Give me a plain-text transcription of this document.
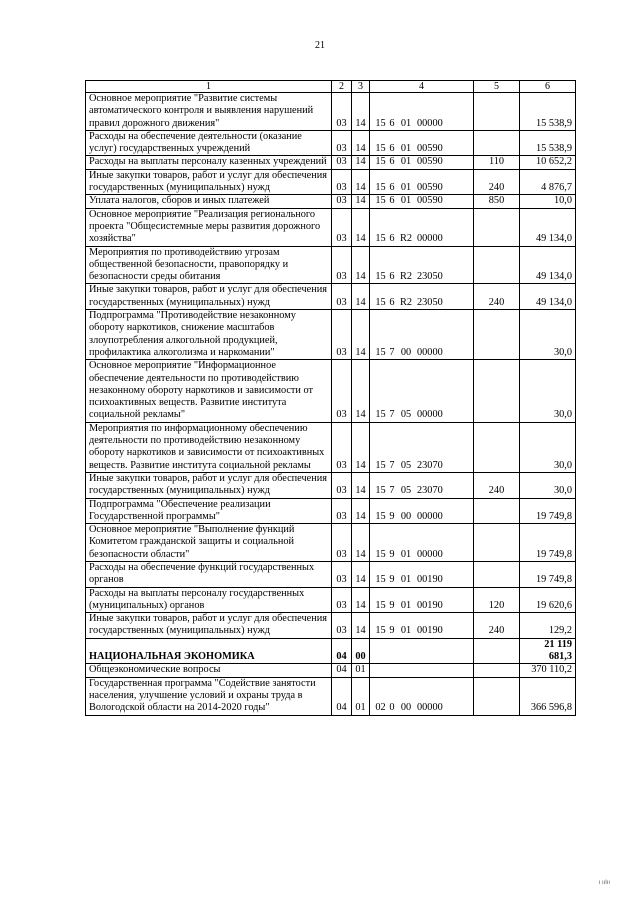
21
1	2	3	4	5	6
Основное мероприятие "Развитие системы автоматического контроля и выявления нарушений правил дорожного движения"	03	14	15 6 01 00000		15 538,9
Расходы на обеспечение деятельности (оказание услуг) государственных учреждений	03	14	15 6 01 00590		15 538,9
Расходы на выплаты персоналу казенных учреждений	03	14	15 6 01 00590	110	10 652,2
Иные закупки товаров, работ и услуг для обеспечения государственных (муниципальных) нужд	03	14	15 6 01 00590	240	4 876,7
Уплата налогов, сборов и иных платежей	03	14	15 6 01 00590	850	10,0
Основное мероприятие "Реализация регионального проекта "Общесистемные меры развития дорожного хозяйства"	03	14	15 6 R2 00000		49 134,0
Мероприятия по противодействию угрозам общественной безопасности, правопорядку и безопасности среды обитания	03	14	15 6 R2 23050		49 134,0
Иные закупки товаров, работ и услуг для обеспечения государственных (муниципальных) нужд	03	14	15 6 R2 23050	240	49 134,0
Подпрограмма "Противодействие незаконному обороту наркотиков, снижение масштабов злоупотребления алкогольной продукцией, профилактика алкоголизма и наркомании"	03	14	15 7 00 00000		30,0
Основное мероприятие "Информационное обеспечение деятельности по противодействию незаконному обороту наркотиков и зависимости от психоактивных веществ. Развитие института социальной рекламы"	03	14	15 7 05 00000		30,0
Мероприятия по информационному обеспечению деятельности по противодействию незаконному обороту наркотиков и зависимости от психоактивных веществ. Развитие института социальной рекламы	03	14	15 7 05 23070		30,0
Иные закупки товаров, работ и услуг для обеспечения государственных (муниципальных) нужд	03	14	15 7 05 23070	240	30,0
Подпрограмма "Обеспечение реализации Государственной программы"	03	14	15 9 00 00000		19 749,8
Основное мероприятие "Выполнение функций Комитетом гражданской защиты и социальной безопасности области"	03	14	15 9 01 00000		19 749,8
Расходы на обеспечение функций государственных органов	03	14	15 9 01 00190		19 749,8
Расходы на выплаты персоналу государственных (муниципальных) органов	03	14	15 9 01 00190	120	19 620,6
Иные закупки товаров, работ и услуг для обеспечения государственных (муниципальных) нужд	03	14	15 9 01 00190	240	129,2
НАЦИОНАЛЬНАЯ ЭКОНОМИКА	04	00			21 119 681,3
Общеэкономические вопросы	04	01			370 110,2
Государственная программа "Содействие занятости населения, улучшение условий и охраны труда в Вологодской области на 2014-2020 годы"	04	01	02 0 00 00000		366 596,8
ı ıılıı
